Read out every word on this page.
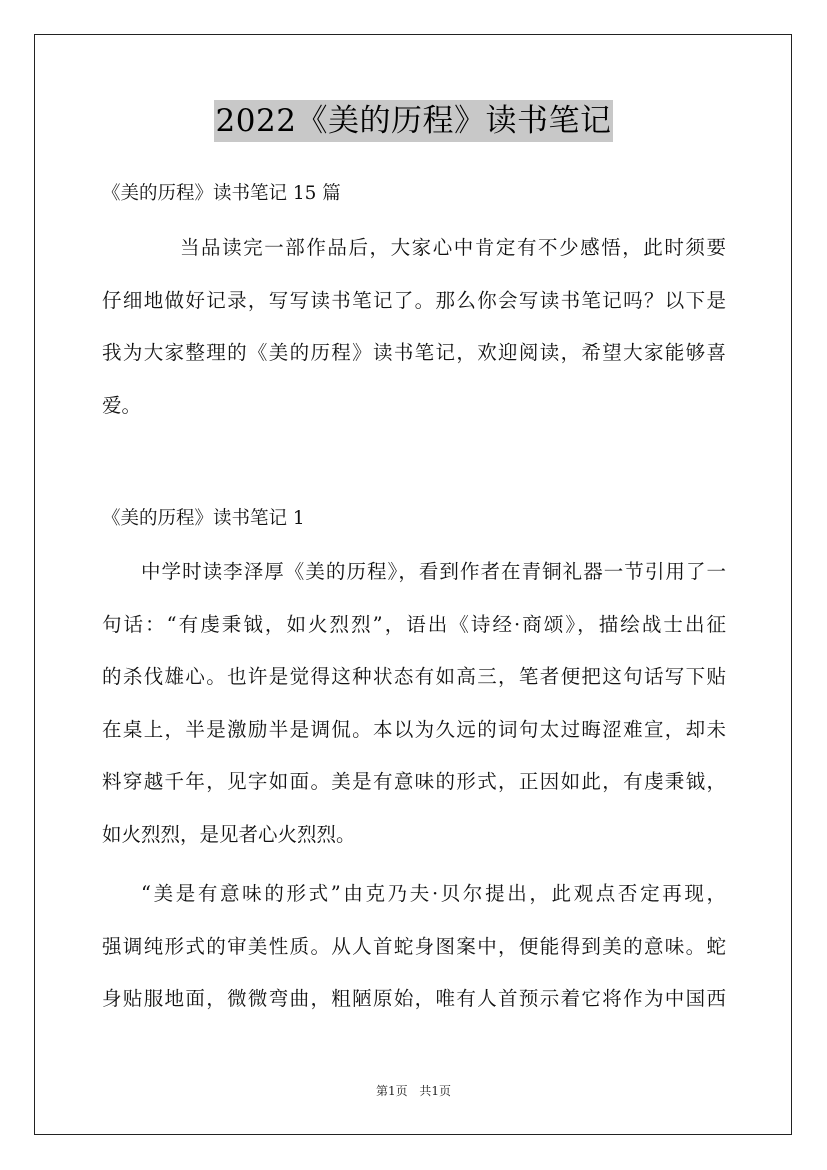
2022《美的历程》读书笔记
《美的历程》读书笔记 15 篇
当品读完一部作品后，大家心中肯定有不少感悟，此时须要
仔细地做好记录，写写读书笔记了。那么你会写读书笔记吗？以下是
我为大家整理的《美的历程》读书笔记，欢迎阅读，希望大家能够喜
爱。
《美的历程》读书笔记 1
中学时读李泽厚《美的历程》，看到作者在青铜礼器一节引用了一
句话：“有虔秉钺，如火烈烈”，语出《诗经·商颂》，描绘战士出征
的杀伐雄心。也许是觉得这种状态有如高三，笔者便把这句话写下贴
在桌上，半是激励半是调侃。本以为久远的词句太过晦涩难宣，却未
料穿越千年，见字如面。美是有意味的形式，正因如此，有虔秉钺，
如火烈烈，是见者心火烈烈。
“美是有意味的形式”由克乃夫·贝尔提出，此观点否定再现，
强调纯形式的审美性质。从人首蛇身图案中，便能得到美的意味。蛇
身贴服地面，微微弯曲，粗陋原始，唯有人首预示着它将作为中国西
第1页 共1页
